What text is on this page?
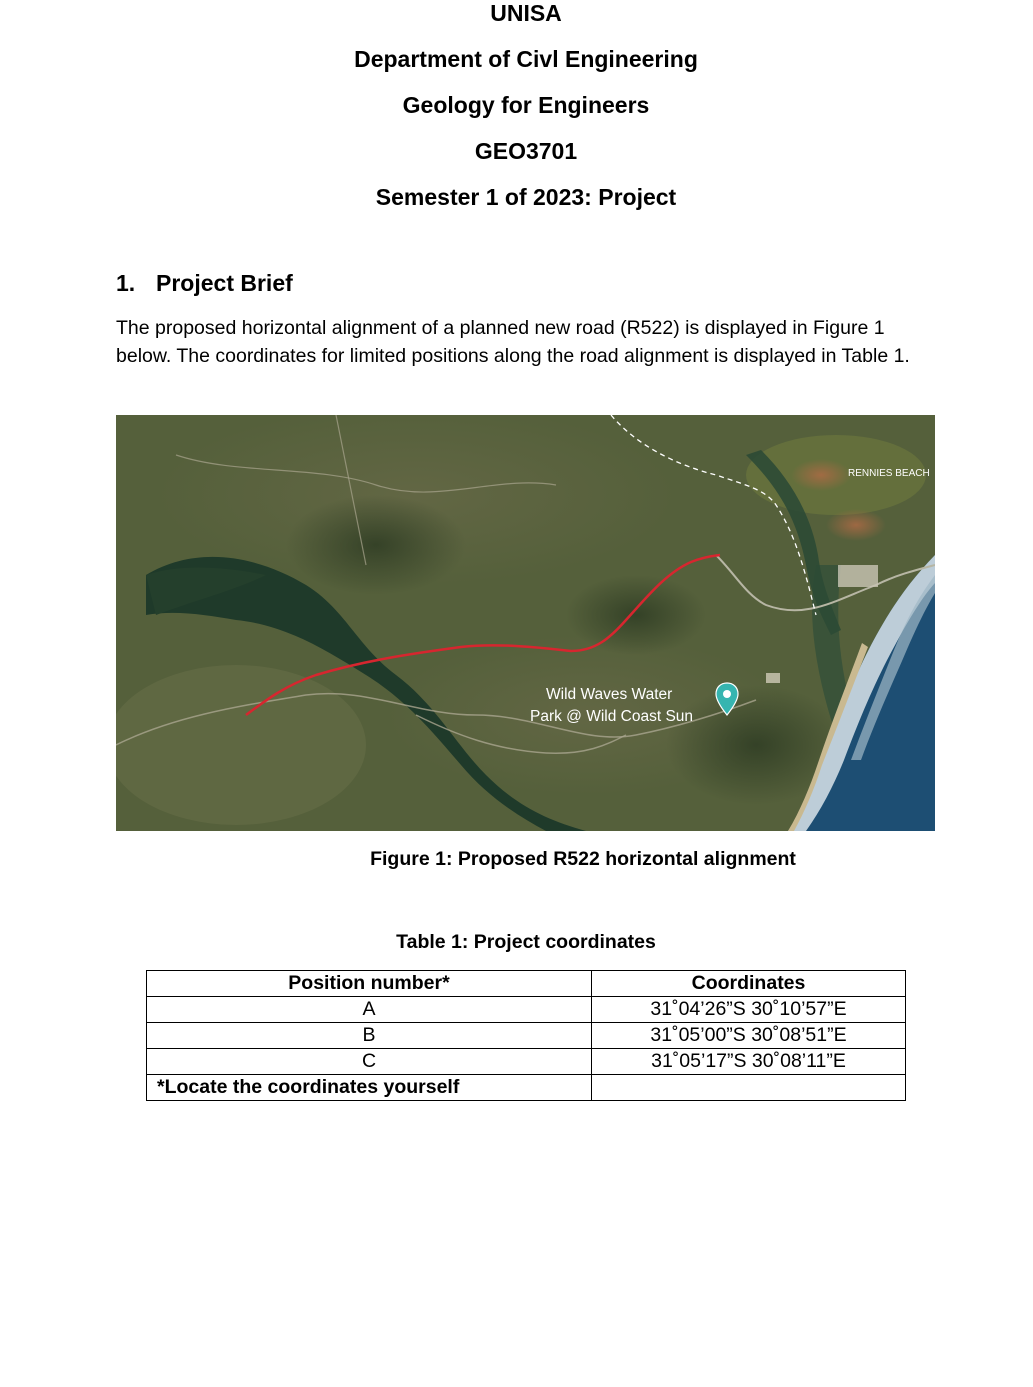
UNISA

Department of Civl Engineering

Geology for Engineers

GEO3701

Semester 1 of 2023: Project

1. Project Brief

The proposed horizontal alignment of a planned new road (R522) is displayed in Figure 1 below. The coordinates for limited positions along the road alignment is displayed in Table 1.

RENNIES BEACH
Wild Waves Water
Park @ Wild Coast Sun

Figure 1: Proposed R522 horizontal alignment

Table 1: Project coordinates

Position number*	Coordinates
A	31˚04’26”S 30˚10’57”E
B	31˚05’00”S 30˚08’51”E
C	31˚05’17”S 30˚08’11”E
*Locate the coordinates yourself	
